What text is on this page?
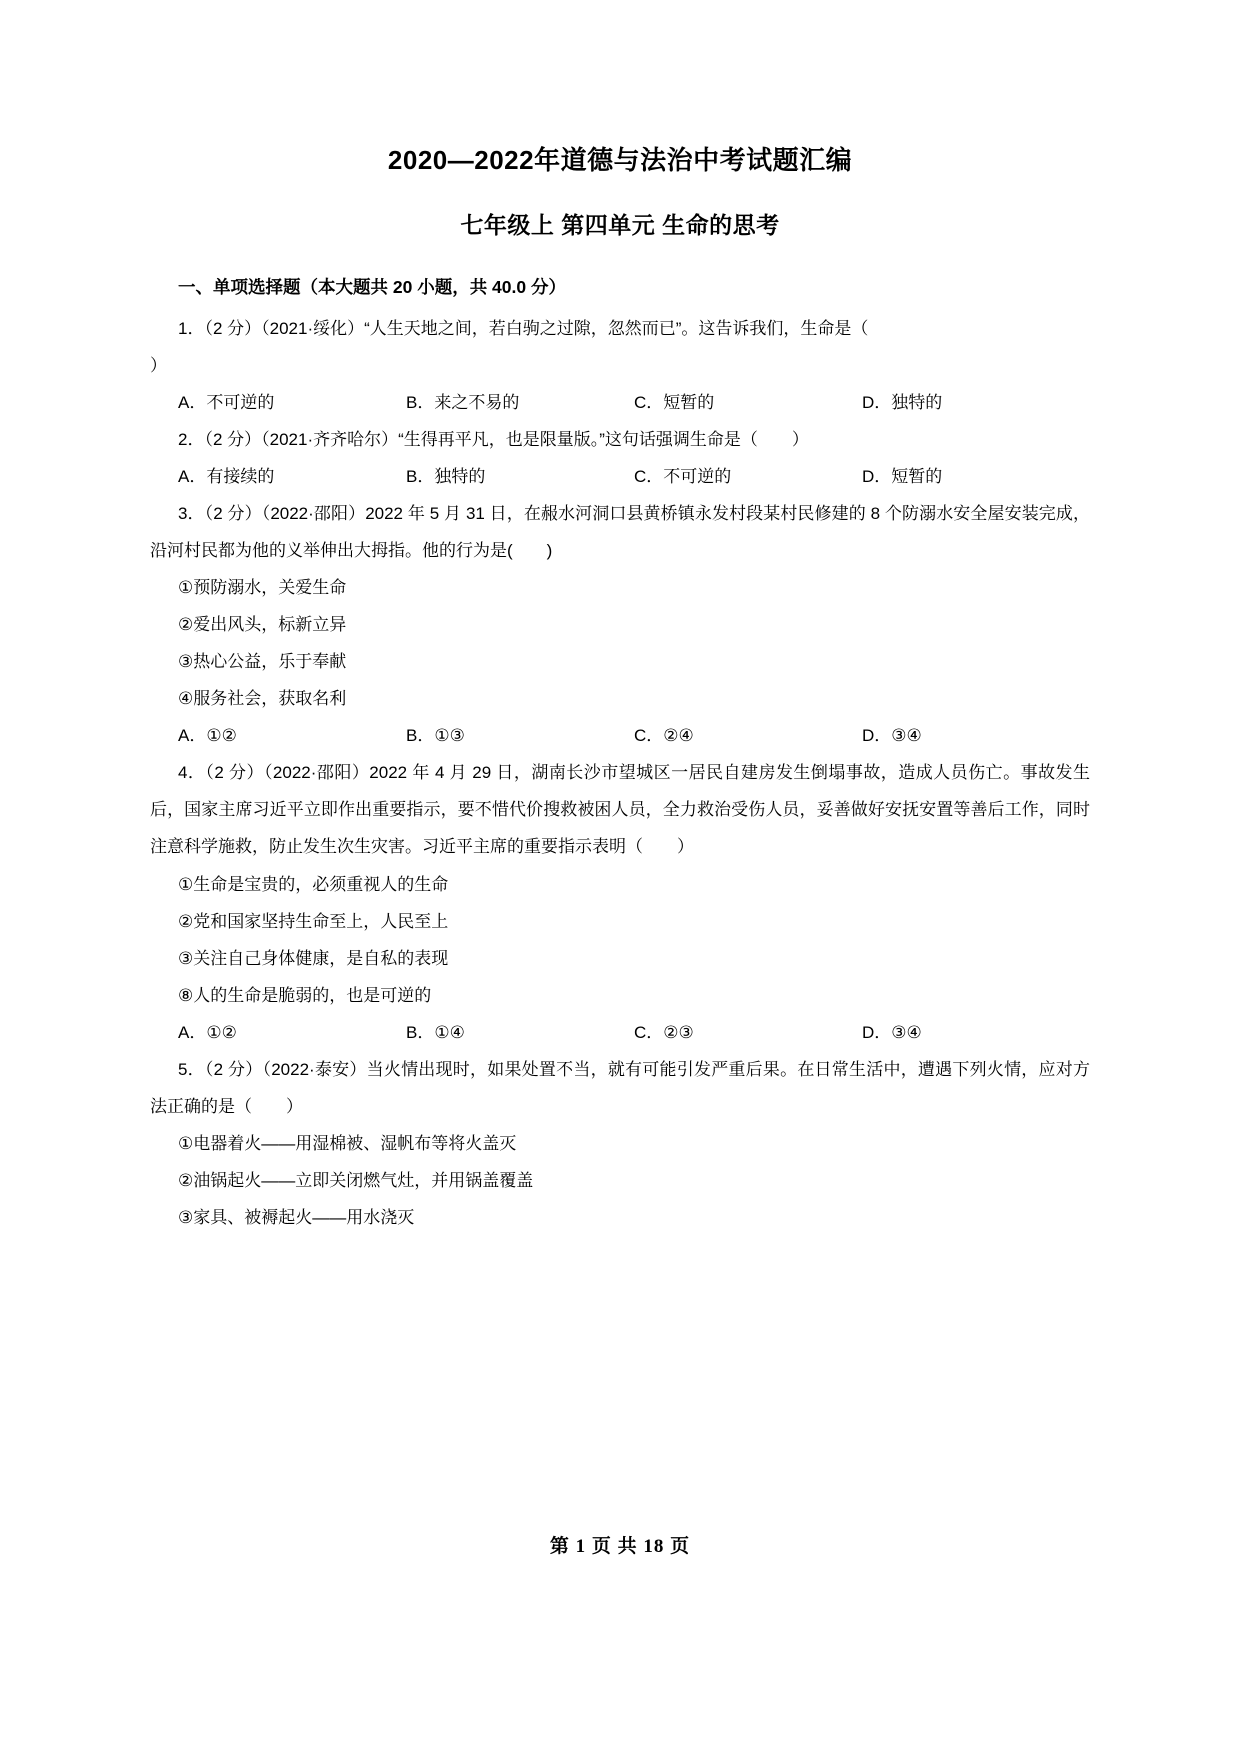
2020—2022年道德与法治中考试题汇编
七年级上 第四单元 生命的思考
一、单项选择题（本大题共 20 小题，共 40.0 分）

1．（2 分）（2021·绥化）“人生天地之间，若白驹之过隙，忽然而已”。这告诉我们，生命是（

）

A．不可逆的	B．来之不易的	C．短暂的	D．独特的

2．（2 分）（2021·齐齐哈尔）“生得再平凡，也是限量版。”这句话强调生命是（　　）

A．有接续的	B．独特的	C．不可逆的	D．短暂的

3．（2 分）（2022·邵阳）2022 年 5 月 31 日，在赧水河洞口县黄桥镇永发村段某村民修建的 8 个防溺水安全屋安装完成，沿河村民都为他的义举伸出大拇指。他的行为是(　　)

①预防溺水，关爱生命

②爱出风头，标新立异

③热心公益，乐于奉献

④服务社会，获取名利

A．①②	B．①③	C．②④	D．③④

4．（2 分）（2022·邵阳）2022 年 4 月 29 日，湖南长沙市望城区一居民自建房发生倒塌事故，造成人员伤亡。事故发生后，国家主席习近平立即作出重要指示，要不惜代价搜救被困人员，全力救治受伤人员，妥善做好安抚安置等善后工作，同时注意科学施救，防止发生次生灾害。习近平主席的重要指示表明（　　）

①生命是宝贵的，必须重视人的生命

②党和国家坚持生命至上，人民至上

③关注自己身体健康，是自私的表现

⑧人的生命是脆弱的，也是可逆的

A．①②	B．①④	C．②③	D．③④

5．（2 分）（2022·泰安）当火情出现时，如果处置不当，就有可能引发严重后果。在日常生活中，遭遇下列火情，应对方法正确的是（　　）

①电器着火——用湿棉被、湿帆布等将火盖灭

②油锅起火——立即关闭燃气灶，并用锅盖覆盖

③家具、被褥起火——用水浇灭

第 1 页 共 18 页
